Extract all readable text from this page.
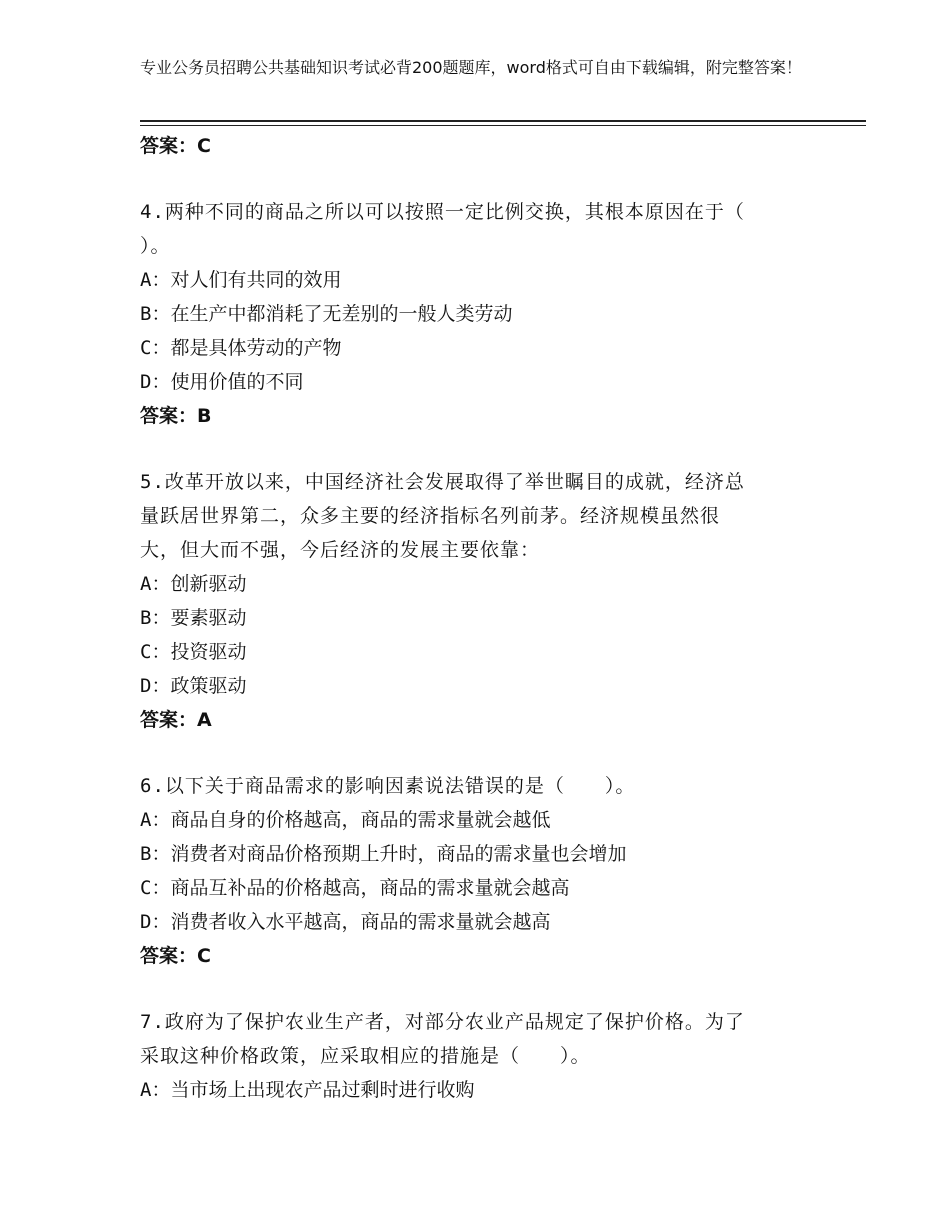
专业公务员招聘公共基础知识考试必背200题题库，word格式可自由下载编辑，附完整答案！
答案：C
4.两种不同的商品之所以可以按照一定比例交换，其根本原因在于（
）。
A：对人们有共同的效用
B：在生产中都消耗了无差别的一般人类劳动
C：都是具体劳动的产物
D：使用价值的不同
答案：B
5.改革开放以来，中国经济社会发展取得了举世瞩目的成就，经济总
量跃居世界第二，众多主要的经济指标名列前茅。经济规模虽然很
大，但大而不强，今后经济的发展主要依靠：
A：创新驱动
B：要素驱动
C：投资驱动
D：政策驱动
答案：A
6.以下关于商品需求的影响因素说法错误的是（　　）。
A：商品自身的价格越高，商品的需求量就会越低
B：消费者对商品价格预期上升时，商品的需求量也会增加
C：商品互补品的价格越高，商品的需求量就会越高
D：消费者收入水平越高，商品的需求量就会越高
答案：C
7.政府为了保护农业生产者，对部分农业产品规定了保护价格。为了
采取这种价格政策，应采取相应的措施是（　　）。
A：当市场上出现农产品过剩时进行收购
